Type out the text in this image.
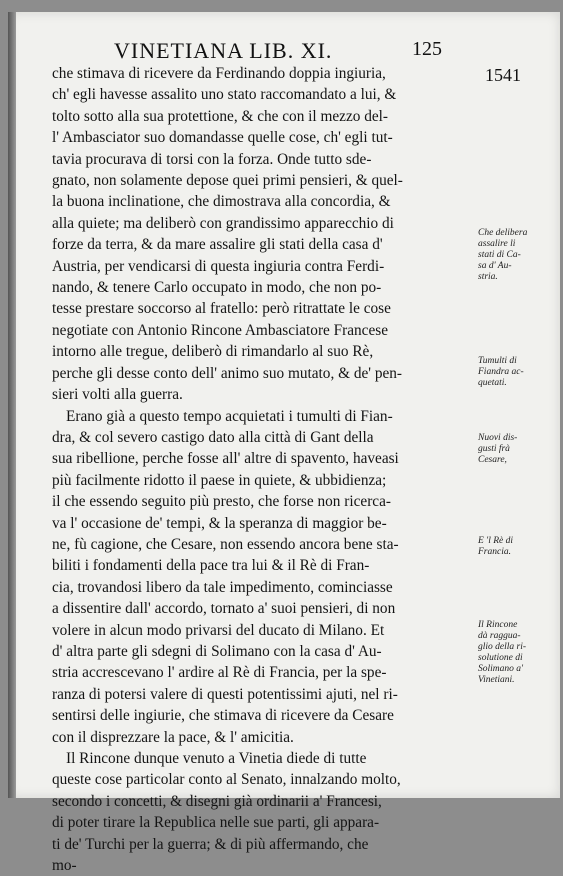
VINETIANA LIB. XI.	125
1541
che stimava di ricevere da Ferdinando doppia ingiuria,
ch' egli havesse assalito uno stato raccomandato a lui, &
tolto sotto alla sua protettione, & che con il mezzo del-
l' Ambasciator suo domandasse quelle cose, ch' egli tut-
tavia procurava di torsi con la forza. Onde tutto sde-
gnato, non solamente depose quei primi pensieri, & quel-
la buona inclinatione, che dimostrava alla concordia, &
alla quiete; ma deliberò con grandissimo apparecchio di
forze da terra, & da mare assalire gli stati della casa d'
Austria, per vendicarsi di questa ingiuria contra Ferdi-
nando, & tenere Carlo occupato in modo, che non po-
tesse prestare soccorso al fratello: però ritrattate le cose
negotiate con Antonio Rincone Ambasciatore Francese
intorno alle tregue, deliberò di rimandarlo al suo Rè,
perche gli desse conto dell' animo suo mutato, & de' pen-
sieri volti alla guerra.
Erano già a questo tempo acquietati i tumulti di Fian-
dra, & col severo castigo dato alla città di Gant della
sua ribellione, perche fosse all' altre di spavento, haveasi
più facilmente ridotto il paese in quiete, & ubbidienza;
il che essendo seguito più presto, che forse non ricerca-
va l' occasione de' tempi, & la speranza di maggior be-
ne, fù cagione, che Cesare, non essendo ancora bene sta-
biliti i fondamenti della pace tra lui & il Rè di Fran-
cia, trovandosi libero da tale impedimento, cominciasse
a dissentire dall' accordo, tornato a' suoi pensieri, di non
volere in alcun modo privarsi del ducato di Milano. Et
d' altra parte gli sdegni di Solimano con la casa d' Au-
stria accrescevano l' ardire al Rè di Francia, per la spe-
ranza di potersi valere di questi potentissimi ajuti, nel ri-
sentirsi delle ingiurie, che stimava di ricevere da Cesare
con il disprezzare la pace, & l' amicitia.
Il Rincone dunque venuto a Vinetia diede di tutte
queste cose particolar conto al Senato, innalzando molto,
secondo i concetti, & disegni già ordinarii a' Francesi,
di poter tirare la Republica nelle sue parti, gli appara-
ti de' Turchi per la guerra; & di più affermando, che
mo-
Che delibera
assalire li
stati di Ca-
sa d' Au-
stria.
Tumulti di
Fiandra ac-
quetati.
Nuovi dis-
gusti frà
Cesare,
E 'l Rè di
Francia.
Il Rincone
dà raggua-
glio della ri-
solutione di
Solimano a'
Vinetiani.
